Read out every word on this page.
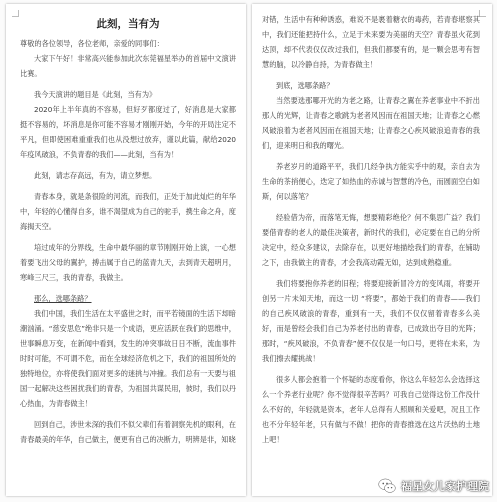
此刻，当有为

尊敬的各位领导，各位老师，亲爱的同事们：

大家下午好！非常高兴能参加此次东莞福星举办的首届中文演讲比赛。

我今天演讲的题目是《此刻，当有为》

2020年上半年真的不容易，但好歹都度过了，好消息是大家都挺不容易的，坏消息是你可能不容易才刚刚开始，今年的开局注定不平凡，但即使困难重重我们也从没想过放弃，谨以此篇，献给2020年疫风破浪，不负青春的我们——此刻，当有为！

此刻，请志存高远，有为，请立梦想。

青春本身，就是条很险的河流，而我们，正处于加此灿烂的年华中，年轻的心懂得自多，谁不渴望成为自己的驼手，携生命之舟，度海揭天空。

培过成年的分界线，生命中最华丽的章节刚刚开始上演，一心想着要飞出父母的翼护，搏击属于自己的蓝青九天，去到青天超明月，寒峰三尺三，我的青春，我做主。

那么，选哪条路？

我们中国，我们生活在太平盛世之时，而平若镜面的生活下却暗潮汹涌。“慈安思危”绝非只是一个成语，更应活跃在我们的思维中，世事瞬息万变，在新闻中看到，发生的冲突事故日日不断，流血事件时时可能，不可谓不危，而在全球经济危机之下，我们的祖国所处的独特地位，亦将使我们面对更多的迷挑与冲撞。我们总有一天要与祖国一起解决这些困扰我们的青春，为祖国共谋民用，彼时，我们以丹心热血，为青春做主！

回到自己，涉世未深的我们不似父辈们有着洞察先机的眼利，在青春最美的年华，自己做主，便更有自己的决断力，明辨是非，知晓

对错，生活中有种种诱惑，难说不是裹着糖衣的毒药，若青春堪察其中，我们还能把持什么，立足于未来要为美丽的天空？青春虽火花到达顶，却不代表仅仅改过我们，但我们都要有的，是一颗会思考有智慧的脑，以冷静自持，为青春做主！

到底，选哪条路？

当然要选那哪开光的为老之路，让青春之翼在养老事业中不折出那人的光辉，让青春之歌跳为老者风因而在祖国天地；让青春之心燃风破浪着为老者风因而在祖国天地；让青春之心疾风破浪追青春的我们，迎来明日和我的曙光。

养老岁月的道路平平，我们几经争执方能实乎中的观，亲自去为生命的茶捎便心，迭定了如热血的赤诚与智慧的冷色，而圆面空白如斯，何以落笔？

经验借为帝，而落笔无悔，想要精彩绝伦？何不集思广益？我们要借青春的老人的最佳决策者，新时代的我们，必定要在自己的分所决定中，经众多建议，去除存在，以更好地描绘我们的青春，在铺助之下，由我做主的青春，才会我高动霞无如，达到成熟稳重。

我们将要抱你养老的旧程；将要迎接新冒冷方的变风雨，将要开创另一片未知天地，而这一切 “将要”，都始于我们的青春——我们的自己疾风破浪的青春，重到有一天，我们不仅仅留着青春多么美好，而是曾经会我们自己为养老付出的青春，已成致出夺目的光阵；那时，“疾风破浪，不负青春”便不仅仅是一句口号，更将在未来，为我们擦去耀挑战！

很多人都会抱着一个怀疑的态度看你，你这么年轻怎么会选择这么一个养老行业呢？你不觉得很辛苦吗？可我自己觉得这份工作没什么不好的，年轻就是资本，老年人总得有人照顾和关爱吧，况且工作也不分年轻年老，只有做与不做！把你的青春推选在这片沃热的土地上吧！

福星女儿家护理院
